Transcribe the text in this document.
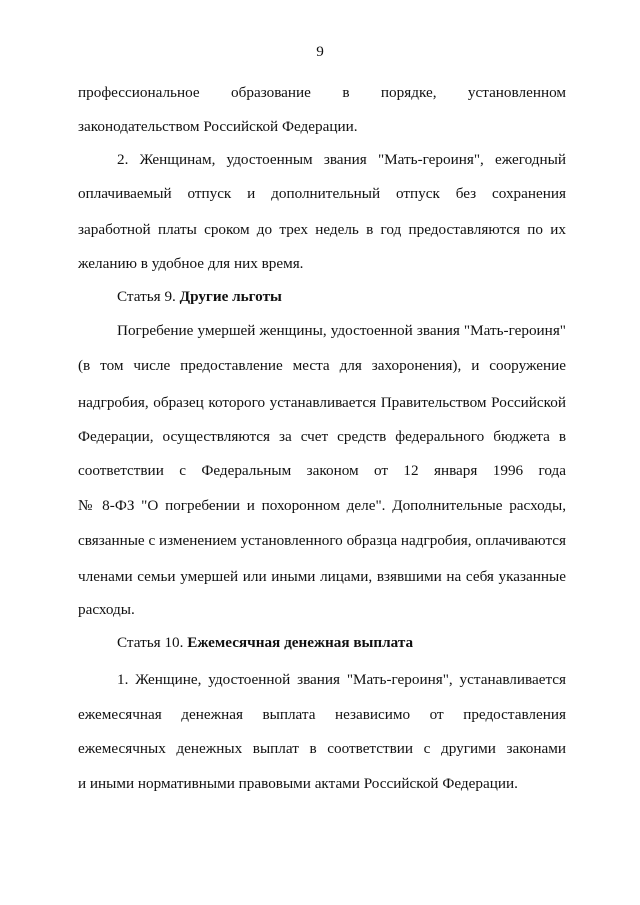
9
профессиональное образование в порядке, установленном
законодательством Российской Федерации.
2. Женщинам, удостоенным звания "Мать-героиня", ежегодный
оплачиваемый отпуск и дополнительный отпуск без сохранения
заработной платы сроком до трех недель в год предоставляются по их
желанию в удобное для них время.
Статья 9. Другие льготы
Погребение умершей женщины, удостоенной звания "Мать-героиня"
(в том числе предоставление места для захоронения), и сооружение
надгробия, образец которого устанавливается Правительством Российской
Федерации, осуществляются за счет средств федерального бюджета в
соответствии с Федеральным законом от 12 января 1996 года
№ 8-ФЗ "О погребении и похоронном деле". Дополнительные расходы,
связанные с изменением установленного образца надгробия, оплачиваются
членами семьи умершей или иными лицами, взявшими на себя указанные
расходы.
Статья 10. Ежемесячная денежная выплата
1. Женщине, удостоенной звания "Мать-героиня", устанавливается
ежемесячная денежная выплата независимо от предоставления
ежемесячных денежных выплат в соответствии с другими законами
и иными нормативными правовыми актами Российской Федерации.
